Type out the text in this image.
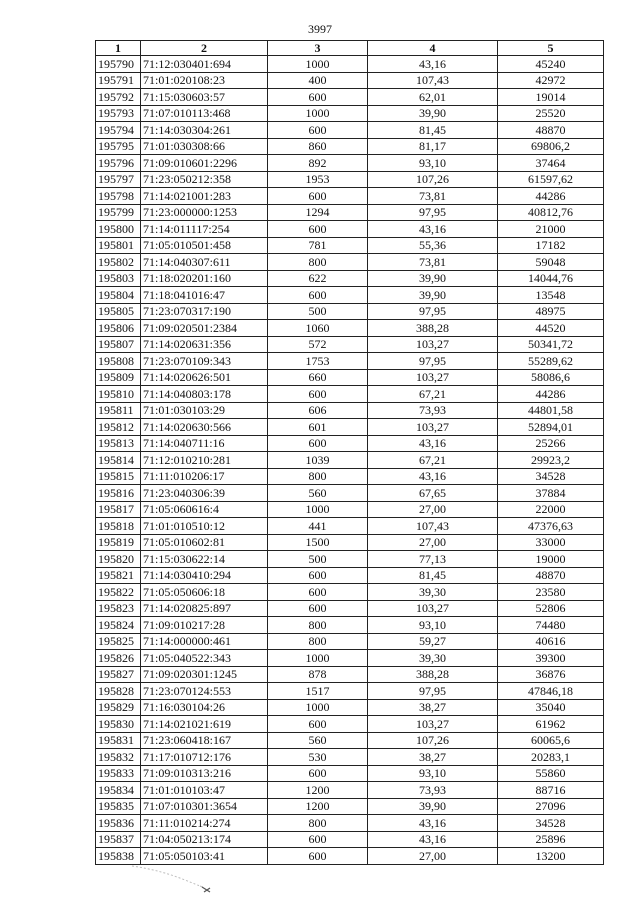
3997
1	2	3	4	5
195790	71:12:030401:694	1000	43,16	45240
195791	71:01:020108:23	400	107,43	42972
195792	71:15:030603:57	600	62,01	19014
195793	71:07:010113:468	1000	39,90	25520
195794	71:14:030304:261	600	81,45	48870
195795	71:01:030308:66	860	81,17	69806,2
195796	71:09:010601:2296	892	93,10	37464
195797	71:23:050212:358	1953	107,26	61597,62
195798	71:14:021001:283	600	73,81	44286
195799	71:23:000000:1253	1294	97,95	40812,76
195800	71:14:011117:254	600	43,16	21000
195801	71:05:010501:458	781	55,36	17182
195802	71:14:040307:611	800	73,81	59048
195803	71:18:020201:160	622	39,90	14044,76
195804	71:18:041016:47	600	39,90	13548
195805	71:23:070317:190	500	97,95	48975
195806	71:09:020501:2384	1060	388,28	44520
195807	71:14:020631:356	572	103,27	50341,72
195808	71:23:070109:343	1753	97,95	55289,62
195809	71:14:020626:501	660	103,27	58086,6
195810	71:14:040803:178	600	67,21	44286
195811	71:01:030103:29	606	73,93	44801,58
195812	71:14:020630:566	601	103,27	52894,01
195813	71:14:040711:16	600	43,16	25266
195814	71:12:010210:281	1039	67,21	29923,2
195815	71:11:010206:17	800	43,16	34528
195816	71:23:040306:39	560	67,65	37884
195817	71:05:060616:4	1000	27,00	22000
195818	71:01:010510:12	441	107,43	47376,63
195819	71:05:010602:81	1500	27,00	33000
195820	71:15:030622:14	500	77,13	19000
195821	71:14:030410:294	600	81,45	48870
195822	71:05:050606:18	600	39,30	23580
195823	71:14:020825:897	600	103,27	52806
195824	71:09:010217:28	800	93,10	74480
195825	71:14:000000:461	800	59,27	40616
195826	71:05:040522:343	1000	39,30	39300
195827	71:09:020301:1245	878	388,28	36876
195828	71:23:070124:553	1517	97,95	47846,18
195829	71:16:030104:26	1000	38,27	35040
195830	71:14:021021:619	600	103,27	61962
195831	71:23:060418:167	560	107,26	60065,6
195832	71:17:010712:176	530	38,27	20283,1
195833	71:09:010313:216	600	93,10	55860
195834	71:01:010103:47	1200	73,93	88716
195835	71:07:010301:3654	1200	39,90	27096
195836	71:11:010214:274	800	43,16	34528
195837	71:04:050213:174	600	43,16	25896
195838	71:05:050103:41	600	27,00	13200
